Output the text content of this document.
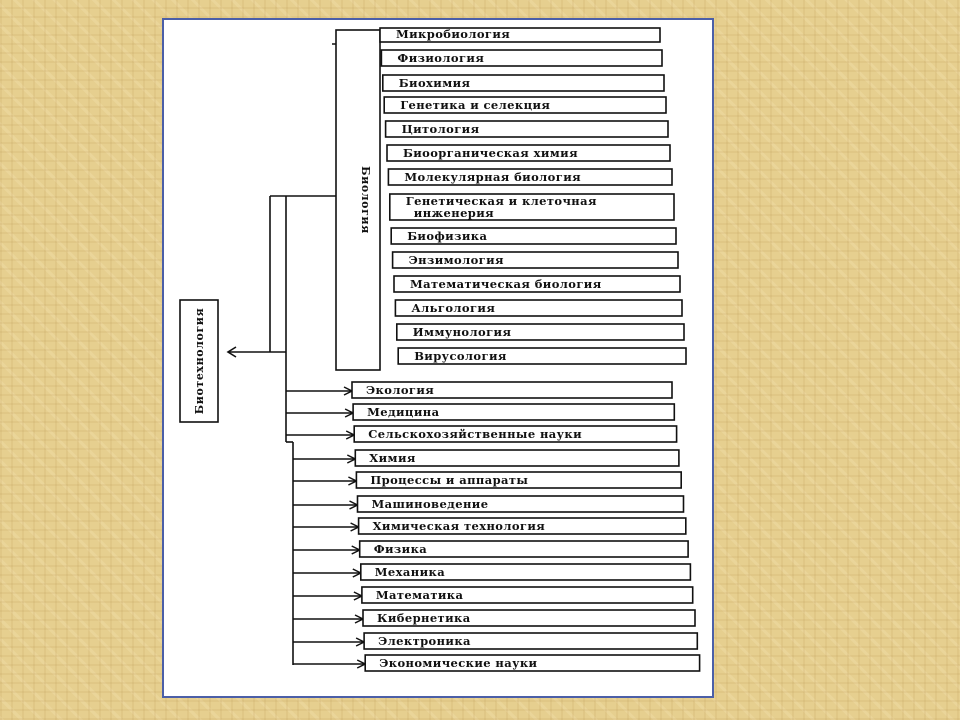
Биотехнология
Биология
Микробиология
Физиология
Биохимия
Генетика и селекция
Цитология
Биоорганическая химия
Молекулярная биология
Генетическая и клеточная
инженерия
Биофизика
Энзимология
Математическая биология
Альгология
Иммунология
Вирусология
Экология
Медицина
Сельскохозяйственные науки
Химия
Процессы и аппараты
Машиноведение
Химическая технология
Физика
Механика
Математика
Кибернетика
Электроника
Экономические науки
